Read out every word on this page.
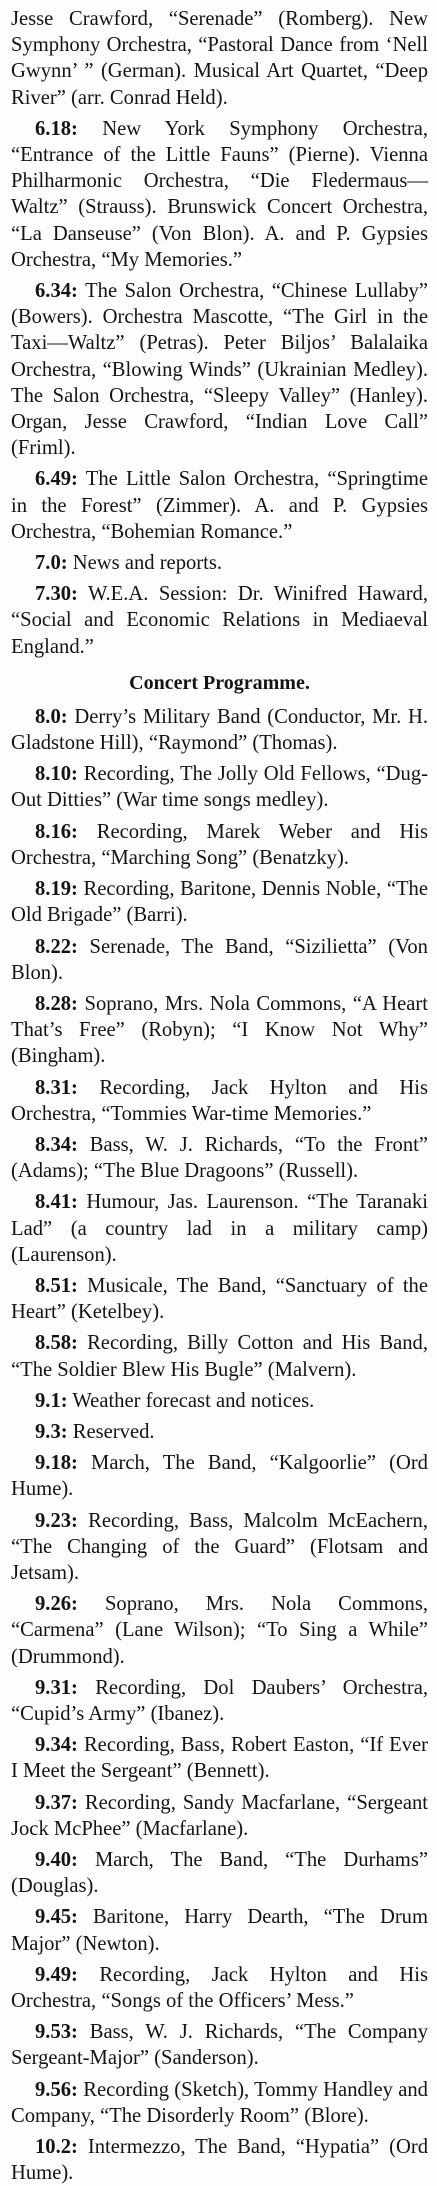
Jesse Crawford, “Serenade” (Romberg). New Symphony Orchestra, “Pastoral Dance from ‘Nell Gwynn’ ” (German). Musical Art Quartet, “Deep River” (arr. Conrad Held).

6.18: New York Symphony Orchestra, “Entrance of the Little Fauns” (Pierne). Vienna Philharmonic Orchestra, “Die Fledermaus—Waltz” (Strauss). Brunswick Concert Orchestra, “La Danseuse” (Von Blon). A. and P. Gypsies Orchestra, “My Memories.”

6.34: The Salon Orchestra, “Chinese Lullaby” (Bowers). Orchestra Mascotte, “The Girl in the Taxi—Waltz” (Petras). Peter Biljos’ Balalaika Orchestra, “Blowing Winds” (Ukrainian Medley). The Salon Orchestra, “Sleepy Valley” (Hanley). Organ, Jesse Crawford, “Indian Love Call” (Friml).

6.49: The Little Salon Orchestra, “Springtime in the Forest” (Zimmer). A. and P. Gypsies Orchestra, “Bohemian Romance.”

7.0: News and reports.

7.30: W.E.A. Session: Dr. Winifred Haward, “Social and Economic Relations in Mediaeval England.”

Concert Programme.

8.0: Derry’s Military Band (Conductor, Mr. H. Gladstone Hill), “Raymond” (Thomas).

8.10: Recording, The Jolly Old Fellows, “Dug-Out Ditties” (War time songs medley).

8.16: Recording, Marek Weber and His Orchestra, “Marching Song” (Benatzky).

8.19: Recording, Baritone, Dennis Noble, “The Old Brigade” (Barri).

8.22: Serenade, The Band, “Siziliettа” (Von Blon).

8.28: Soprano, Mrs. Nola Commons, “A Heart That’s Free” (Robyn); “I Know Not Why” (Bingham).

8.31: Recording, Jack Hylton and His Orchestra, “Tommies War-time Memories.”

8.34: Bass, W. J. Richards, “To the Front” (Adams); “The Blue Dragoons” (Russell).

8.41: Humour, Jas. Laurenson. “The Taranaki Lad” (a country lad in a military camp) (Laurenson).

8.51: Musicale, The Band, “Sanctuary of the Heart” (Ketelbey).

8.58: Recording, Billy Cotton and His Band, “The Soldier Blew His Bugle” (Malvern).

9.1: Weather forecast and notices.

9.3: Reserved.

9.18: March, The Band, “Kalgoorlie” (Ord Hume).

9.23: Recording, Bass, Malcolm McEachern, “The Changing of the Guard” (Flotsam and Jetsam).

9.26: Soprano, Mrs. Nola Commons, “Carmena” (Lane Wilson); “To Sing a While” (Drummond).

9.31: Recording, Dol Daubers’ Orchestra, “Cupid’s Army” (Ibanez).

9.34: Recording, Bass, Robert Easton, “If Ever I Meet the Sergeant” (Bennett).

9.37: Recording, Sandy Macfarlane, “Sergeant Jock McPhee” (Macfarlane).

9.40: March, The Band, “The Durhams” (Douglas).

9.45: Baritone, Harry Dearth, “The Drum Major” (Newton).

9.49: Recording, Jack Hylton and His Orchestra, “Songs of the Officers’ Mess.”

9.53: Bass, W. J. Richards, “The Company Sergeant-Major” (Sanderson).

9.56: Recording (Sketch), Tommy Handley and Company, “The Disorderly Room” (Blore).

10.2: Intermezzo, The Band, “Hypatia” (Ord Hume).
